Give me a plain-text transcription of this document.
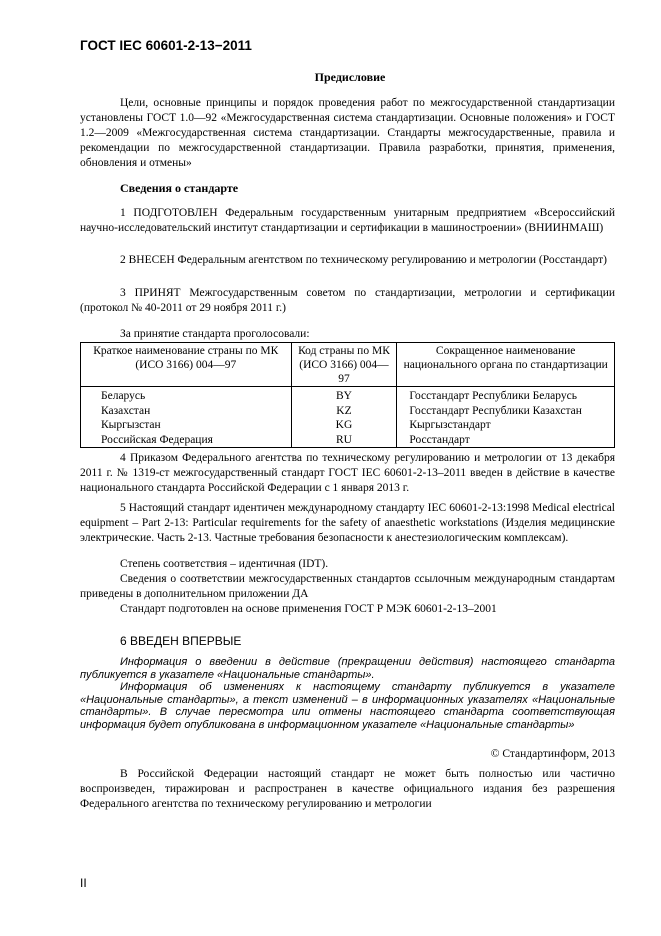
ГОСТ IEC 60601-2-13−2011
Предисловие

Цели, основные принципы и порядок проведения работ по межгосударственной стандартизации установлены ГОСТ 1.0—92 «Межгосударственная система стандартизации. Основные положения» и ГОСТ 1.2—2009 «Межгосударственная система стандартизации. Стандарты межгосударственные, правила и рекомендации по межгосударственной стандартизации. Правила разработки, принятия, применения, обновления и отмены»

Сведения о стандарте

1 ПОДГОТОВЛЕН Федеральным государственным унитарным предприятием «Всероссийский научно-исследовательский институт стандартизации и сертификации в машиностроении» (ВНИИНМАШ)

2 ВНЕСЕН Федеральным агентством по техническому регулированию и метрологии (Росстандарт)

3 ПРИНЯТ Межгосударственным советом по стандартизации, метрологии и сертификации (протокол № 40-2011 от 29 ноября 2011 г.)

За принятие стандарта проголосовали:
Краткое наименование страны по МК (ИСО 3166) 004—97	Код страны по МК (ИСО 3166) 004—97	Сокращенное наименование национального органа по стандартизации
Беларусь	BY	Госстандарт Республики Беларусь
Казахстан	KZ	Госстандарт Республики Казахстан
Кыргызстан	KG	Кыргызстандарт
Российская Федерация	RU	Росстандарт

4 Приказом Федерального агентства по техническому регулированию и метрологии от 13 декабря 2011 г. № 1319-ст межгосударственный стандарт ГОСТ IEC 60601-2-13–2011 введен в действие в качестве национального стандарта Российской Федерации с 1 января 2013 г.

5 Настоящий стандарт идентичен международному стандарту IEC 60601-2-13:1998 Medical electrical equipment – Part 2-13: Particular requirements for the safety of anaesthetic workstations (Изделия медицинские электрические. Часть 2-13. Частные требования безопасности к анестезиологическим комплексам).

Степень соответствия – идентичная (IDT).

Сведения о соответствии межгосударственных стандартов ссылочным международным стандартам приведены в дополнительном приложении ДА

Стандарт подготовлен на основе применения ГОСТ Р МЭК 60601-2-13–2001

6 ВВЕДЕН ВПЕРВЫЕ

Информация о введении в действие (прекращении действия) настоящего стандарта публикуется в указателе «Национальные стандарты».

Информация об изменениях к настоящему стандарту публикуется в указателе «Национальные стандарты», а текст изменений – в информационных указателях «Национальные стандарты». В случае пересмотра или отмены настоящего стандарта соответствующая информация будет опубликована в информационном указателе «Национальные стандарты»

© Стандартинформ, 2013

В Российской Федерации настоящий стандарт не может быть полностью или частично воспроизведен, тиражирован и распространен в качестве официального издания без разрешения Федерального агентства по техническому регулированию и метрологии

II
